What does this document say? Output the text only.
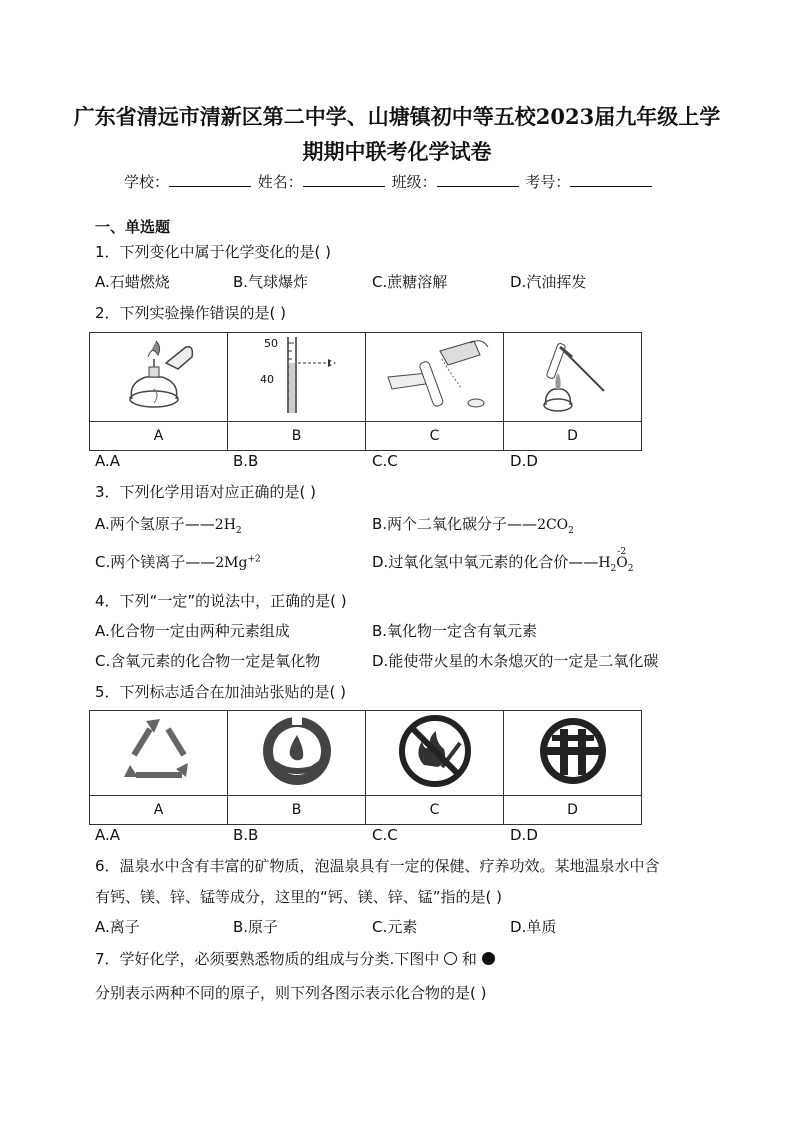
广东省清远市清新区第二中学、山塘镇初中等五校2023届九年级上学
期期中联考化学试卷
学校：	姓名：	班级：	考号：
一、单选题
1．下列变化中属于化学变化的是( )
A.石蜡燃烧	B.气球爆炸	C.蔗糖溶解	D.汽油挥发
2．下列实验操作错误的是( )

A	B	C	D
50
40
A.A	B.B	C.C	D.D
3．下列化学用语对应正确的是( )
A.两个氢原子$——2H_2$	B.两个二氧化碳分子$——2CO_2$
C.两个镁离子$——2Mg^{+2}$	D.过氧化氢中氧元素的化合价$——H_2$
-2
$O_2$
4．下列“一定”的说法中，正确的是( )
A.化合物一定由两种元素组成	B.氧化物一定含有氧元素
C.含氧元素的化合物一定是氧化物	D.能使带火星的木条熄灭的一定是二氧化碳
5．下列标志适合在加油站张贴的是( )

A	B	C	D
A.A	B.B	C.C	D.D
6．温泉水中含有丰富的矿物质，泡温泉具有一定的保健、疗养功效。某地温泉水中含
有钙、镁、锌、锰等成分，这里的“钙、镁、锌、锰”指的是( )
A.离子	B.原子	C.元素	D.单质
7．学好化学，必须要熟悉物质的组成与分类.下图中 和
分别表示两种不同的原子，则下列各图示表示化合物的是( )
